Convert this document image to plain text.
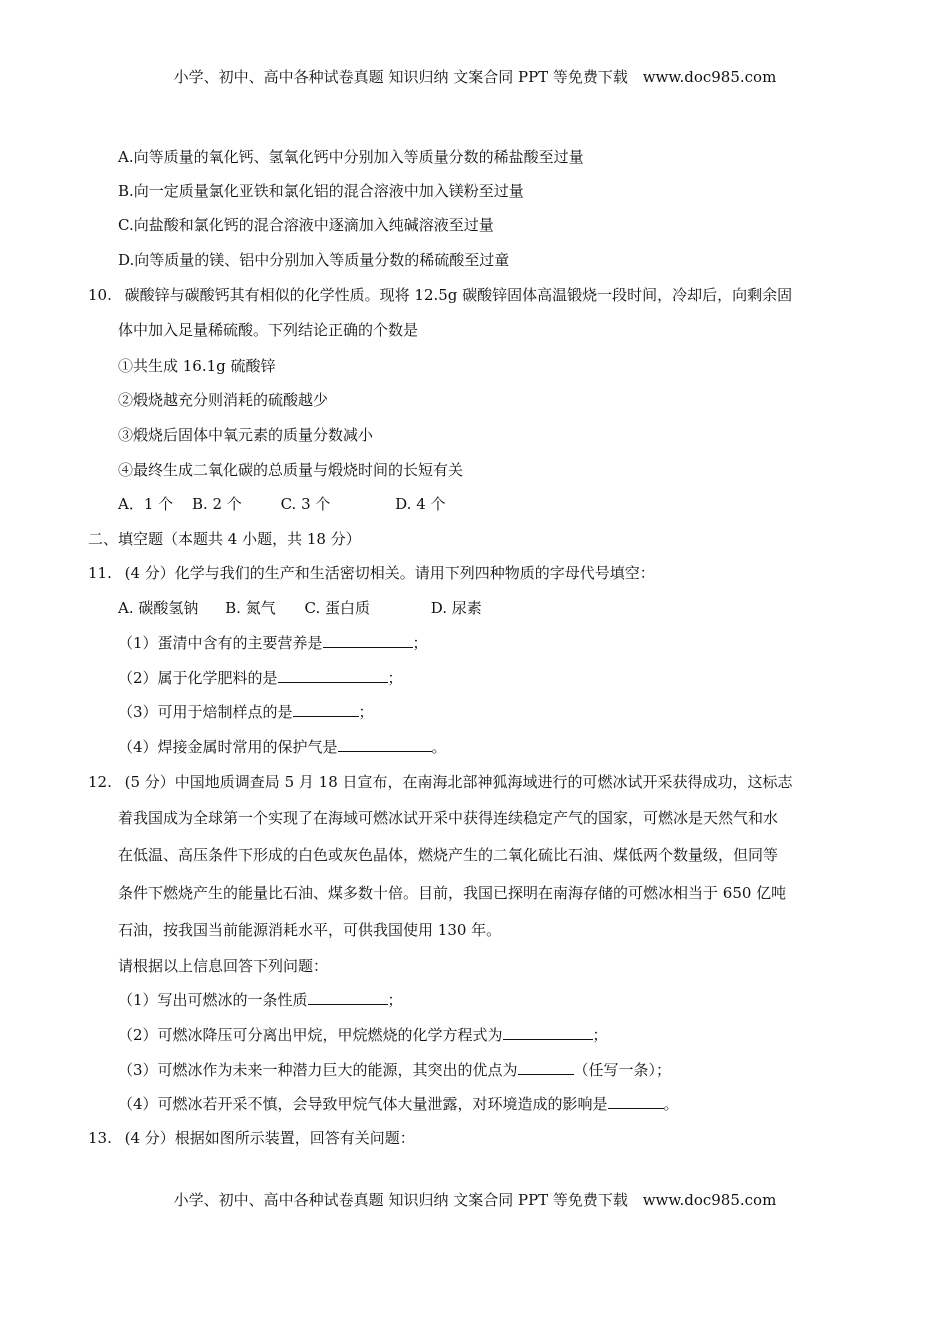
小学、初中、高中各种试卷真题 知识归纳 文案合同 PPT 等免费下载 www.doc985.com
A.向等质量的氧化钙、氢氧化钙中分别加入等质量分数的稀盐酸至过量
B.向一定质量氯化亚铁和氯化铝的混合溶液中加入镁粉至过量
C.向盐酸和氯化钙的混合溶液中逐滴加入纯碱溶液至过量
D.向等质量的镁、铝中分别加入等质量分数的稀硫酸至过童
10. 碳酸锌与碳酸钙其有相似的化学性质。现将 12.5g 碳酸锌固体高温锻烧一段时间，冷却后，向剩余固
体中加入足量稀硫酸。下列结论正确的个数是
①共生成 16.1g 硫酸锌
②煅烧越充分则消耗的硫酸越少
③煅烧后固体中氧元素的质量分数减小
④最终生成二氧化碳的总质量与煅烧时间的长短有关
A．1 个 B. 2 个	C. 3 个	D. 4 个
二、填空题（本题共 4 小题，共 18 分）
11. (4 分）化学与我们的生产和生活密切相关。请用下列四种物质的字母代号填空：
A. 碳酸氢钠 B. 氮气 C. 蛋白质	D. 尿素
（1）蛋清中含有的主要营养是	；
（2）属于化学肥料的是	；
（3）可用于焙制样点的是	；
（4）焊接金属时常用的保护气是	。
12. (5 分）中国地质调查局 5 月 18 日宣布，在南海北部神狐海域进行的可燃冰试开采获得成功，这标志
着我国成为全球第一个实现了在海域可燃冰试开采中获得连续稳定产气的国家，可燃冰是天然气和水
在低温、高压条件下形成的白色或灰色晶体，燃烧产生的二氧化硫比石油、煤低两个数量级，但同等
条件下燃烧产生的能量比石油、煤多数十倍。目前，我国已探明在南海存储的可燃冰相当于 650 亿吨
石油，按我国当前能源消耗水平，可供我国使用 130 年。
请根据以上信息回答下列问题：
（1）写出可燃冰的一条性质	；
（2）可燃冰降压可分离出甲烷，甲烷燃烧的化学方程式为	；
（3）可燃冰作为未来一种潜力巨大的能源，其突出的优点为	（任写一条）；
（4）可燃冰若开采不慎，会导致甲烷气体大量泄露，对环境造成的影响是	。
13. (4 分）根据如图所示装置，回答有关问题：
小学、初中、高中各种试卷真题 知识归纳 文案合同 PPT 等免费下载 www.doc985.com
